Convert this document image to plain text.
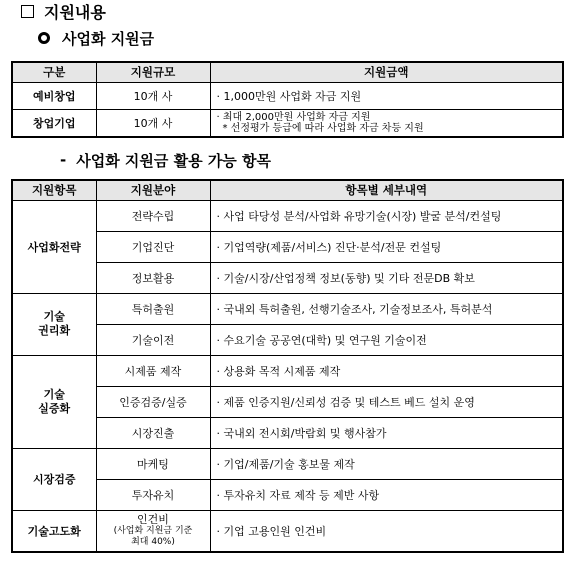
지원내용
사업화 지원금
구분	지원규모	지원금액
예비창업	10개 사	· 1,000만원 사업화 자금 지원
창업기업	10개 사	· 최대 2,000만원 사업화 자금 지원
* 선정평가 등급에 따라 사업화 자금 차등 지원
- 사업화 지원금 활용 가능 항목
지원항목	지원분야	항목별 세부내역
사업화전략	전략수립	· 사업 타당성 분석/사업화 유망기술(시장) 발굴 분석/컨설팅
	기업진단	· 기업역량(제품/서비스) 진단·분석/전문 컨설팅
	정보활용	· 기술/시장/산업정책 정보(동향) 및 기타 전문DB 확보
기술
권리화	특허출원	· 국내외 특허출원, 선행기술조사, 기술정보조사, 특허분석
	기술이전	· 수요기술 공공연(대학) 및 연구원 기술이전
기술
실증화	시제품 제작	· 상용화 목적 시제품 제작
	인증검증/실증	· 제품 인증지원/신뢰성 검증 및 테스트 베드 설치 운영
	시장진출	· 국내외 전시회/박람회 및 행사참가
시장검증	마케팅	· 기업/제품/기술 홍보물 제작
	투자유치	· 투자유치 자료 제작 등 제반 사항
기술고도화	인건비
(사업화 지원금 기준
최대 40%)	· 기업 고용인원 인건비
